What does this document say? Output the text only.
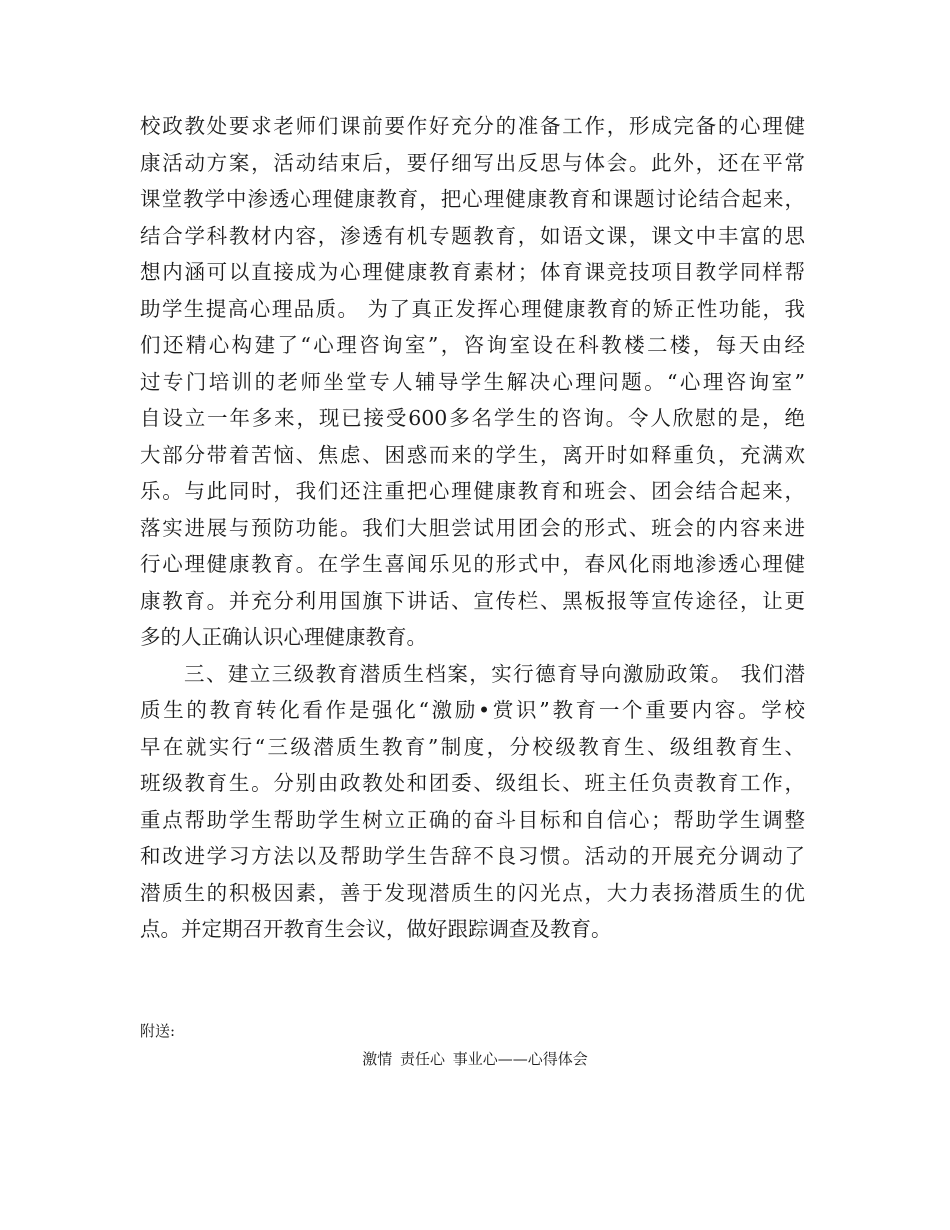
校政教处要求老师们课前要作好充分的准备工作，形成完备的心理健
康活动方案，活动结束后，要仔细写出反思与体会。此外，还在平常
课堂教学中渗透心理健康教育，把心理健康教育和课题讨论结合起来，
结合学科教材内容，渗透有机专题教育，如语文课，课文中丰富的思
想内涵可以直接成为心理健康教育素材；体育课竞技项目教学同样帮
助学生提高心理品质。 为了真正发挥心理健康教育的矫正性功能，我
们还精心构建了“心理咨询室”，咨询室设在科教楼二楼，每天由经
过专门培训的老师坐堂专人辅导学生解决心理问题。“心理咨询室”
自设立一年多来，现已接受600多名学生的咨询。令人欣慰的是，绝
大部分带着苦恼、焦虑、困惑而来的学生，离开时如释重负，充满欢
乐。与此同时，我们还注重把心理健康教育和班会、团会结合起来，
落实进展与预防功能。我们大胆尝试用团会的形式、班会的内容来进
行心理健康教育。在学生喜闻乐见的形式中，春风化雨地渗透心理健
康教育。并充分利用国旗下讲话、宣传栏、黑板报等宣传途径，让更
多的人正确认识心理健康教育。
三、建立三级教育潜质生档案，实行德育导向激励政策。 我们潜
质生的教育转化看作是强化“激励•赏识”教育一个重要内容。学校
早在就实行“三级潜质生教育”制度，分校级教育生、级组教育生、
班级教育生。分别由政教处和团委、级组长、班主任负责教育工作，
重点帮助学生帮助学生树立正确的奋斗目标和自信心；帮助学生调整
和改进学习方法以及帮助学生告辞不良习惯。活动的开展充分调动了
潜质生的积极因素，善于发现潜质生的闪光点，大力表扬潜质生的优
点。并定期召开教育生会议，做好跟踪调查及教育。

附送:

激情 责任心 事业心——心得体会
